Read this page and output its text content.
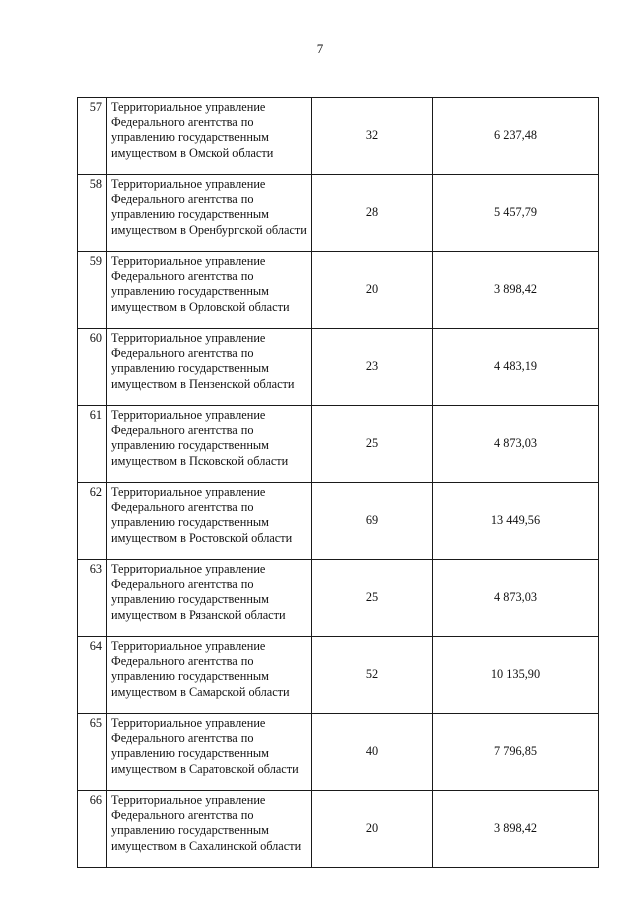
7
57	Территориальное управление Федерального агентства по управлению государственным имуществом в Омской области	32	6 237,48
58	Территориальное управление Федерального агентства по управлению государственным имуществом в Оренбургской области	28	5 457,79
59	Территориальное управление Федерального агентства по управлению государственным имуществом в Орловской области	20	3 898,42
60	Территориальное управление Федерального агентства по управлению государственным имуществом в Пензенской области	23	4 483,19
61	Территориальное управление Федерального агентства по управлению государственным имуществом в Псковской области	25	4 873,03
62	Территориальное управление Федерального агентства по управлению государственным имуществом в Ростовской области	69	13 449,56
63	Территориальное управление Федерального агентства по управлению государственным имуществом в Рязанской области	25	4 873,03
64	Территориальное управление Федерального агентства по управлению государственным имуществом в Самарской области	52	10 135,90
65	Территориальное управление Федерального агентства по управлению государственным имуществом в Саратовской области	40	7 796,85
66	Территориальное управление Федерального агентства по управлению государственным имуществом в Сахалинской области	20	3 898,42
